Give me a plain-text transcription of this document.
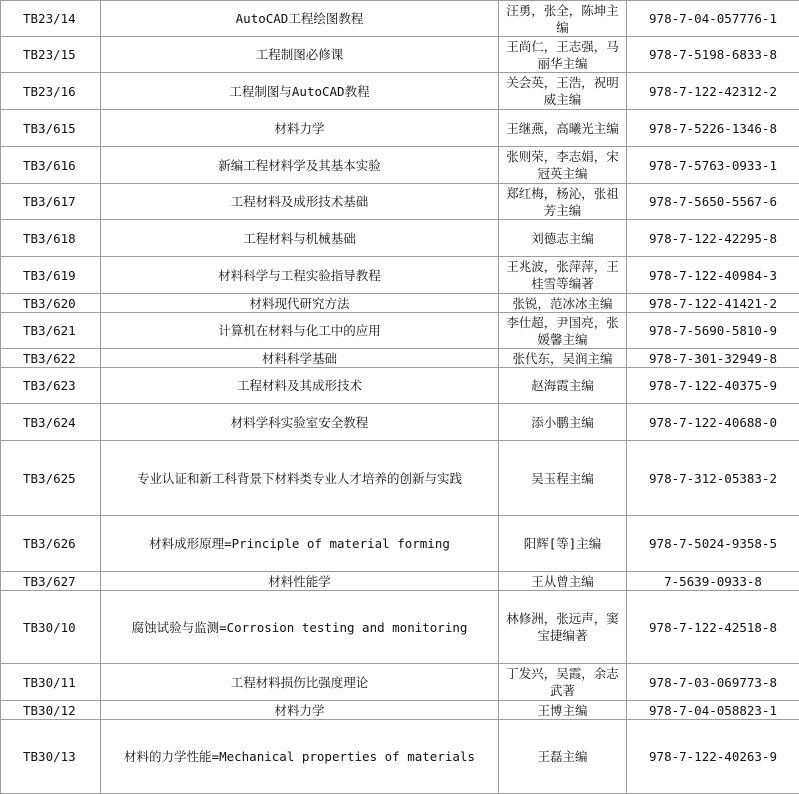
TB23/14	AutoCAD工程绘图教程	汪勇，张全，陈坤主编	978-7-04-057776-1
TB23/15	工程制图必修课	王尚仁，王志强，马丽华主编	978-7-5198-6833-8
TB23/16	工程制图与AutoCAD教程	关会英，王浩，祝明威主编	978-7-122-42312-2
TB3/615	材料力学	王继燕，高曦光主编	978-7-5226-1346-8
TB3/616	新编工程材料学及其基本实验	张则荣，李志娟，宋冠英主编	978-7-5763-0933-1
TB3/617	工程材料及成形技术基础	郑红梅，杨沁，张祖芳主编	978-7-5650-5567-6
TB3/618	工程材料与机械基础	刘德志主编	978-7-122-42295-8
TB3/619	材料科学与工程实验指导教程	王兆波，张萍萍，王桂雪等编著	978-7-122-40984-3
TB3/620	材料现代研究方法	张锐，范冰冰主编	978-7-122-41421-2
TB3/621	计算机在材料与化工中的应用	李仕超，尹国亮，张媛馨主编	978-7-5690-5810-9
TB3/622	材料科学基础	张代东，吴润主编	978-7-301-32949-8
TB3/623	工程材料及其成形技术	赵海霞主编	978-7-122-40375-9
TB3/624	材料学科实验室安全教程	添小鹏主编	978-7-122-40688-0
TB3/625	专业认证和新工科背景下材料类专业人才培养的创新与实践	吴玉程主编	978-7-312-05383-2
TB3/626	材料成形原理=Principle of material forming	阳辉[等]主编	978-7-5024-9358-5
TB3/627	材料性能学	王从曾主编	7-5639-0933-8
TB30/10	腐蚀试验与监测=Corrosion testing and monitoring	林修洲，张远声，窦宝捷编著	978-7-122-42518-8
TB30/11	工程材料损伤比强度理论	丁发兴，吴霞，余志武著	978-7-03-069773-8
TB30/12	材料力学	王博主编	978-7-04-058823-1
TB30/13	材料的力学性能=Mechanical properties of materials	王磊主编	978-7-122-40263-9
